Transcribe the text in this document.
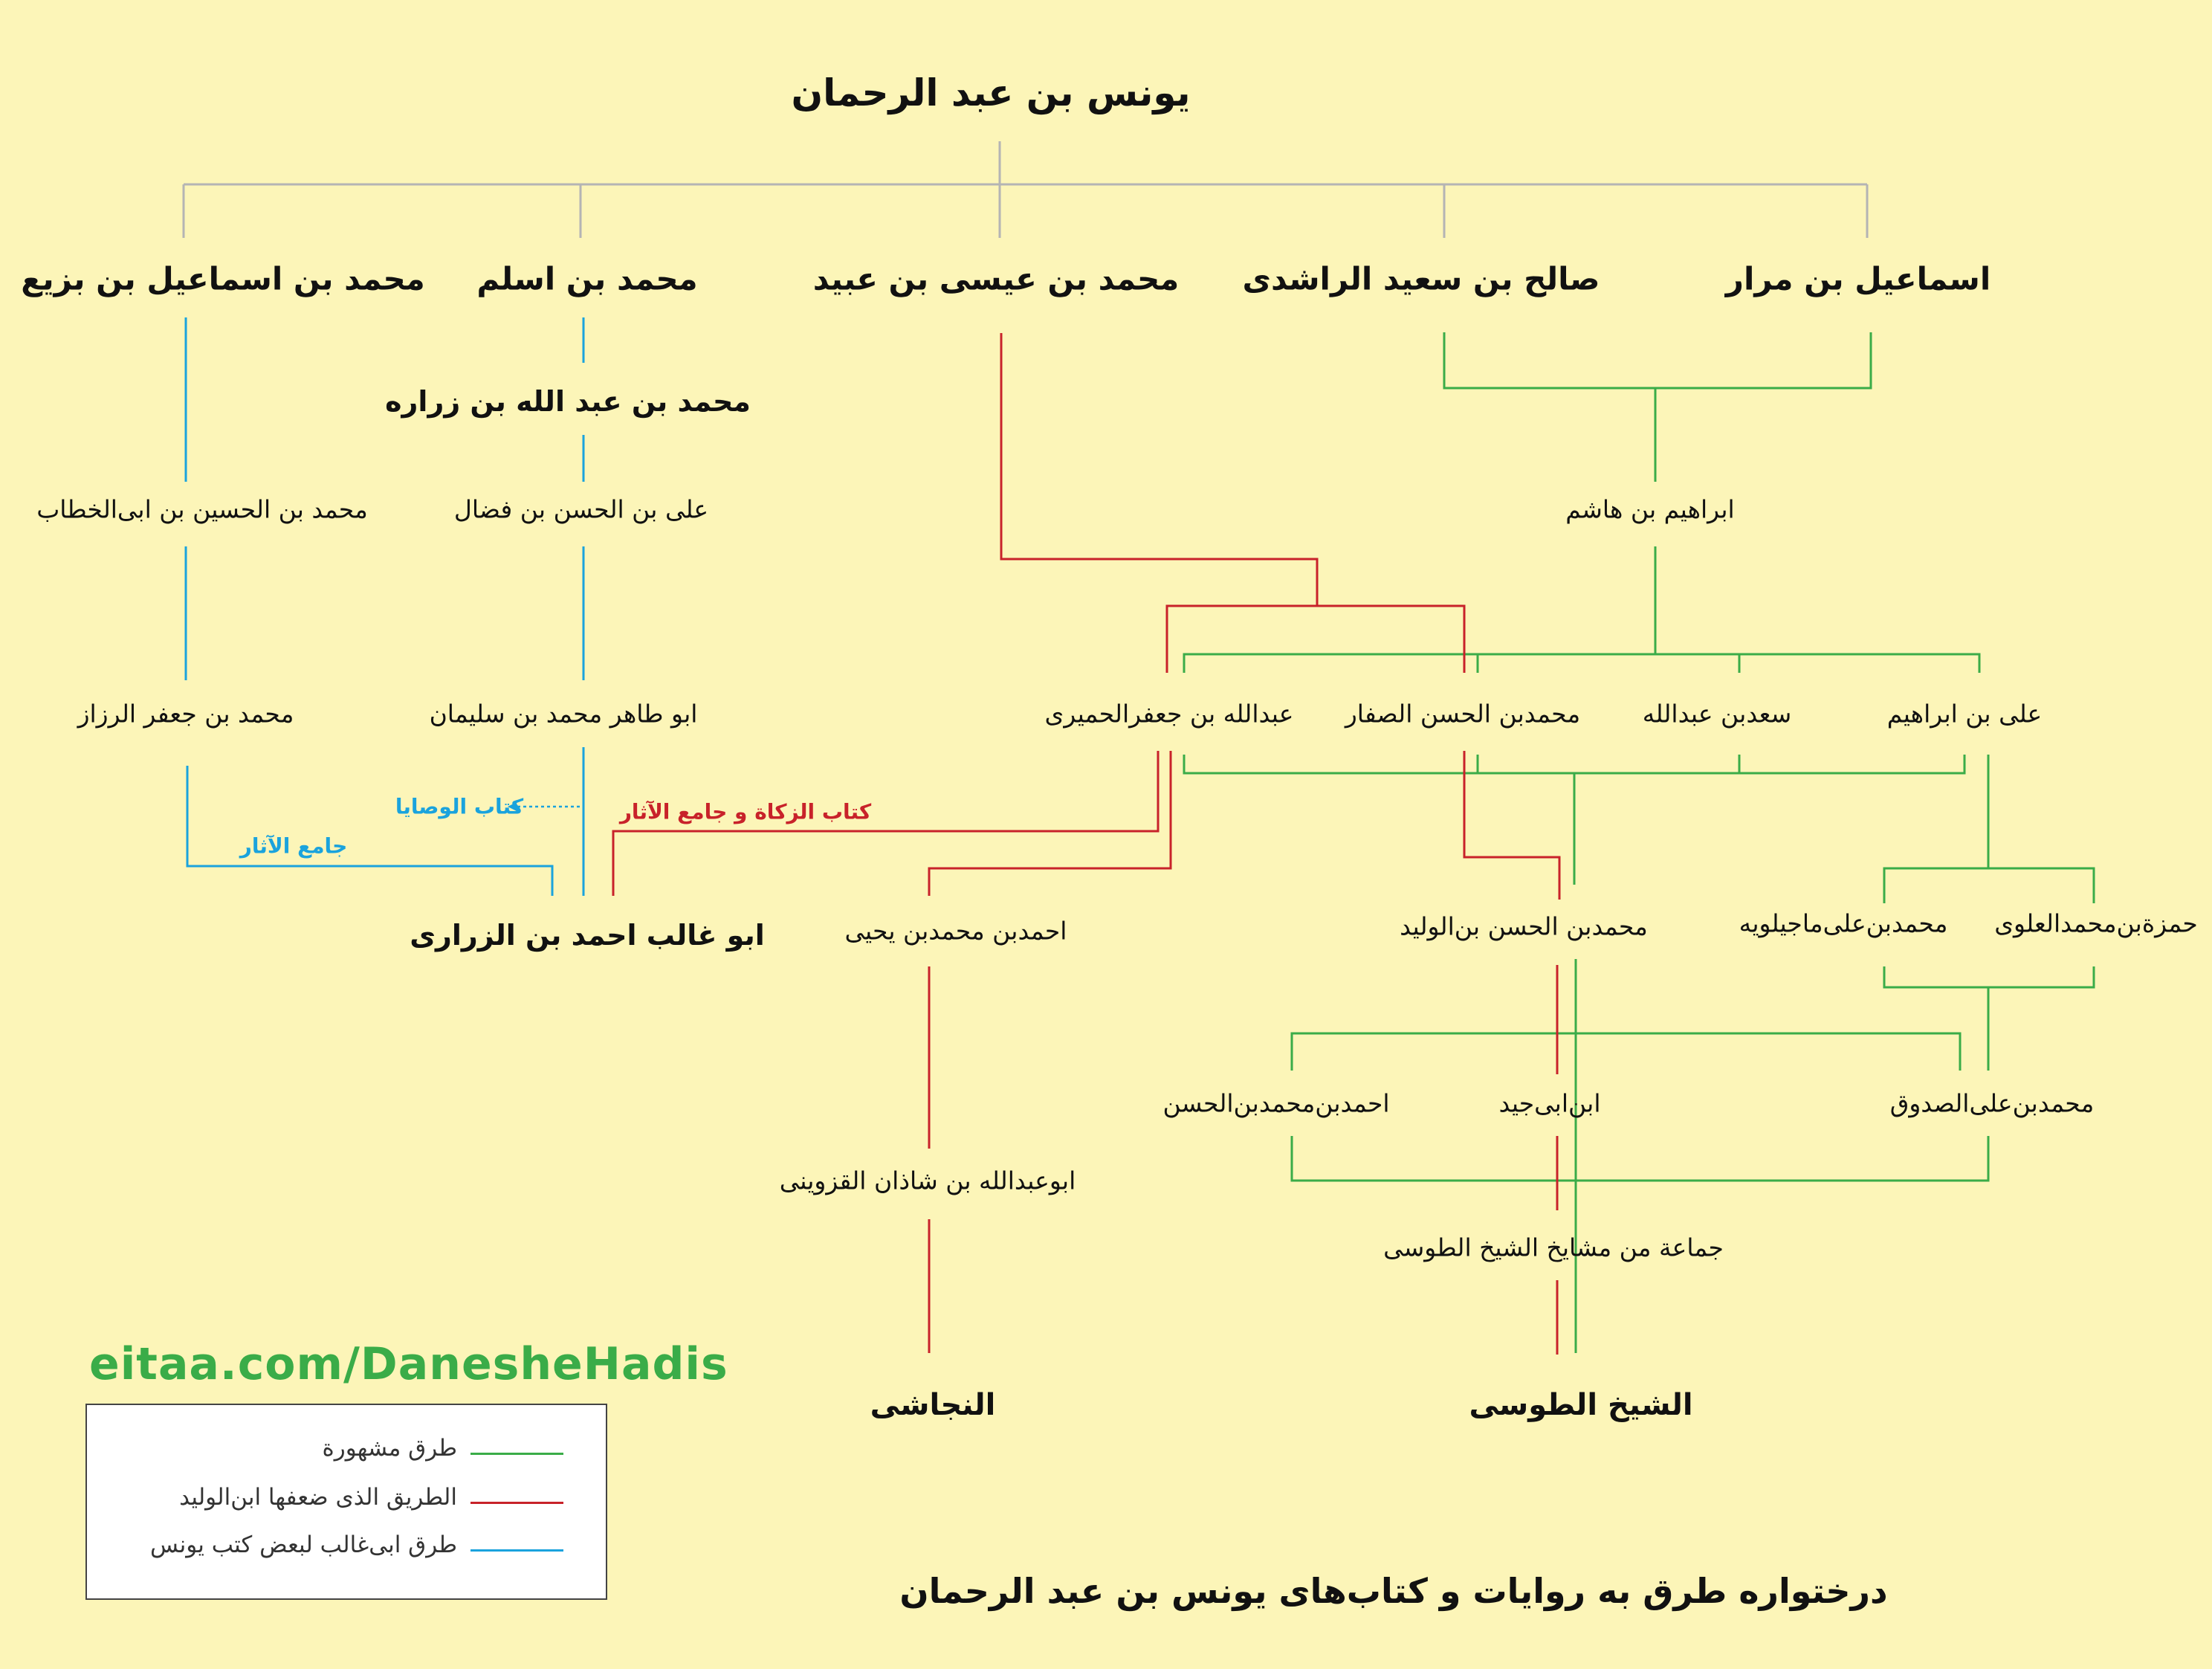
يونس بن عبد الرحمان
اسماعيل بن مرار
صالح بن سعيد الراشدى
محمد بن عيسى بن عبيد
محمد بن اسلم
محمد بن اسماعيل بن بزيع
محمد بن عبد الله بن زراره
على بن الحسن بن فضال
محمد بن الحسين بن ابى‌الخطاب	ابراهيم بن هاشم
ابو طاهر محمد بن سليمان
محمد بن جعفر الرزاز	عبدالله بن جعفرالحميرى محمدبن الحسن الصفار	سعدبن عبدالله	على بن ابراهيم
ابو غالب احمد بن الزرارى	احمدبن محمدبن يحيى	محمدبن الحسن بن‌الوليد	محمدبن‌على‌ماجيلويه حمزةبن‌محمدالعلوى
احمدبن‌محمدبن‌الحسن	ابن‌ابى‌جيد	محمدبن‌على‌الصدوق
ابوعبدالله بن شاذان القزوينى
جماعة من مشايخ الشيخ الطوسى
النجاشى	الشيخ الطوسى
كتاب الوصايا
جامع الآثار
كتاب الزكاة و جامع الآثار
eitaa.com/DaneshеHadis
طرق مشهورة
الطريق الذى ضعفها ابن‌الوليد
طرق ابى‌غالب لبعض كتب يونس
درختواره طرق به روایات و کتاب‌های یونس بن عبد الرحمان
